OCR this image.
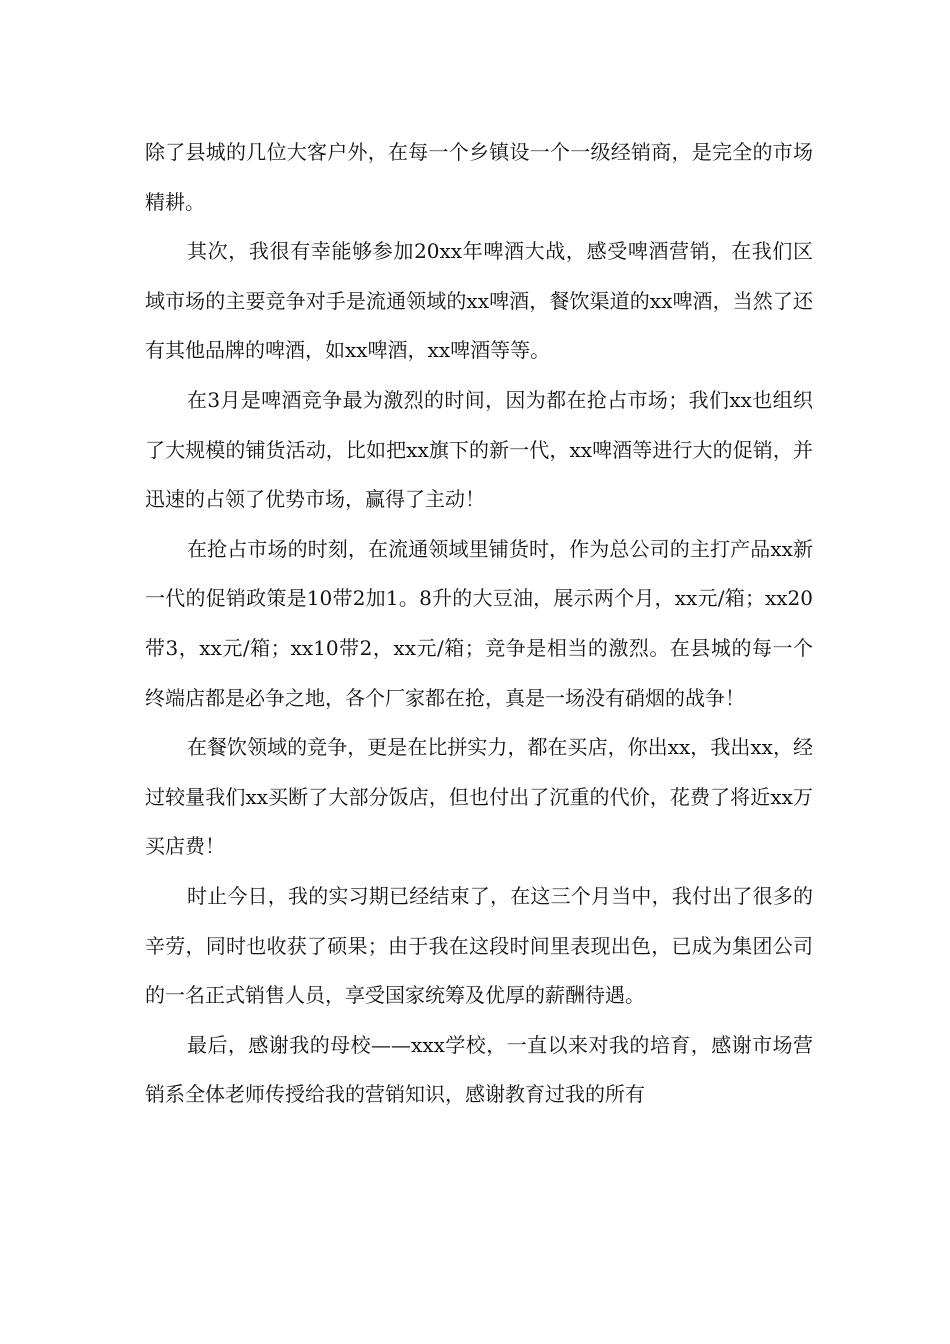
除了县城的几位大客户外，在每一个乡镇设一个一级经销商，是完全的市场精耕。

其次，我很有幸能够参加20xx年啤酒大战，感受啤酒营销，在我们区域市场的主要竞争对手是流通领域的xx啤酒，餐饮渠道的xx啤酒，当然了还有其他品牌的啤酒，如xx啤酒，xx啤酒等等。

在3月是啤酒竞争最为激烈的时间，因为都在抢占市场；我们xx也组织了大规模的铺货活动，比如把xx旗下的新一代，xx啤酒等进行大的促销，并迅速的占领了优势市场，赢得了主动！

在抢占市场的时刻，在流通领域里铺货时，作为总公司的主打产品xx新一代的促销政策是10带2加1。8升的大豆油，展示两个月，xx元/箱；xx20带3，xx元/箱；xx10带2，xx元/箱；竞争是相当的激烈。在县城的每一个终端店都是必争之地，各个厂家都在抢，真是一场没有硝烟的战争！

在餐饮领域的竞争，更是在比拼实力，都在买店，你出xx，我出xx，经过较量我们xx买断了大部分饭店，但也付出了沉重的代价，花费了将近xx万买店费！

时止今日，我的实习期已经结束了，在这三个月当中，我付出了很多的辛劳，同时也收获了硕果；由于我在这段时间里表现出色，已成为集团公司的一名正式销售人员，享受国家统筹及优厚的薪酬待遇。

最后，感谢我的母校——xxx学校，一直以来对我的培育，感谢市场营销系全体老师传授给我的营销知识，感谢教育过我的所有
